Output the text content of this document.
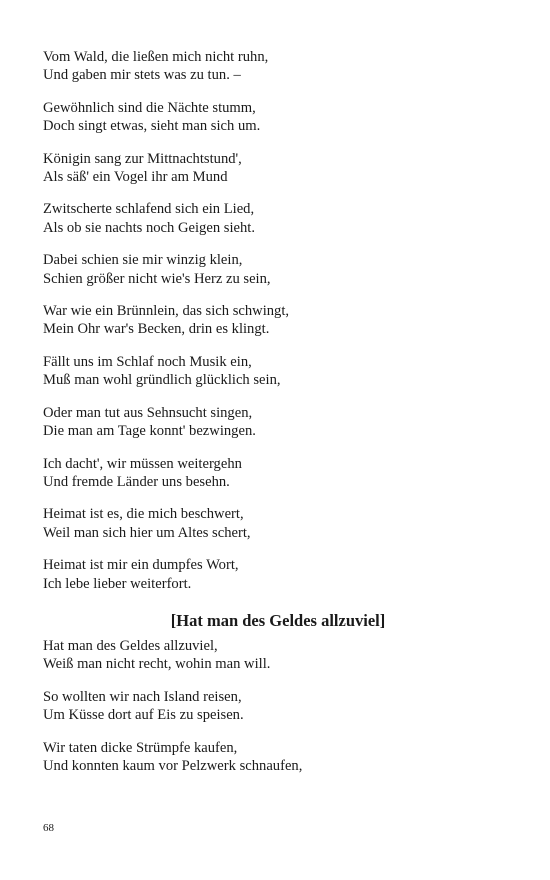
Vom Wald, die ließen mich nicht ruhn,
Und gaben mir stets was zu tun. –
Gewöhnlich sind die Nächte stumm,
Doch singt etwas, sieht man sich um.
Königin sang zur Mittnachtstund',
Als säß' ein Vogel ihr am Mund
Zwitscherte schlafend sich ein Lied,
Als ob sie nachts noch Geigen sieht.
Dabei schien sie mir winzig klein,
Schien größer nicht wie's Herz zu sein,
War wie ein Brünnlein, das sich schwingt,
Mein Ohr war's Becken, drin es klingt.
Fällt uns im Schlaf noch Musik ein,
Muß man wohl gründlich glücklich sein,
Oder man tut aus Sehnsucht singen,
Die man am Tage konnt' bezwingen.
Ich dacht', wir müssen weitergehn
Und fremde Länder uns besehn.
Heimat ist es, die mich beschwert,
Weil man sich hier um Altes schert,
Heimat ist mir ein dumpfes Wort,
Ich lebe lieber weiterfort.
[Hat man des Geldes allzuviel]
Hat man des Geldes allzuviel,
Weiß man nicht recht, wohin man will.
So wollten wir nach Island reisen,
Um Küsse dort auf Eis zu speisen.
Wir taten dicke Strümpfe kaufen,
Und konnten kaum vor Pelzwerk schnaufen,
68
